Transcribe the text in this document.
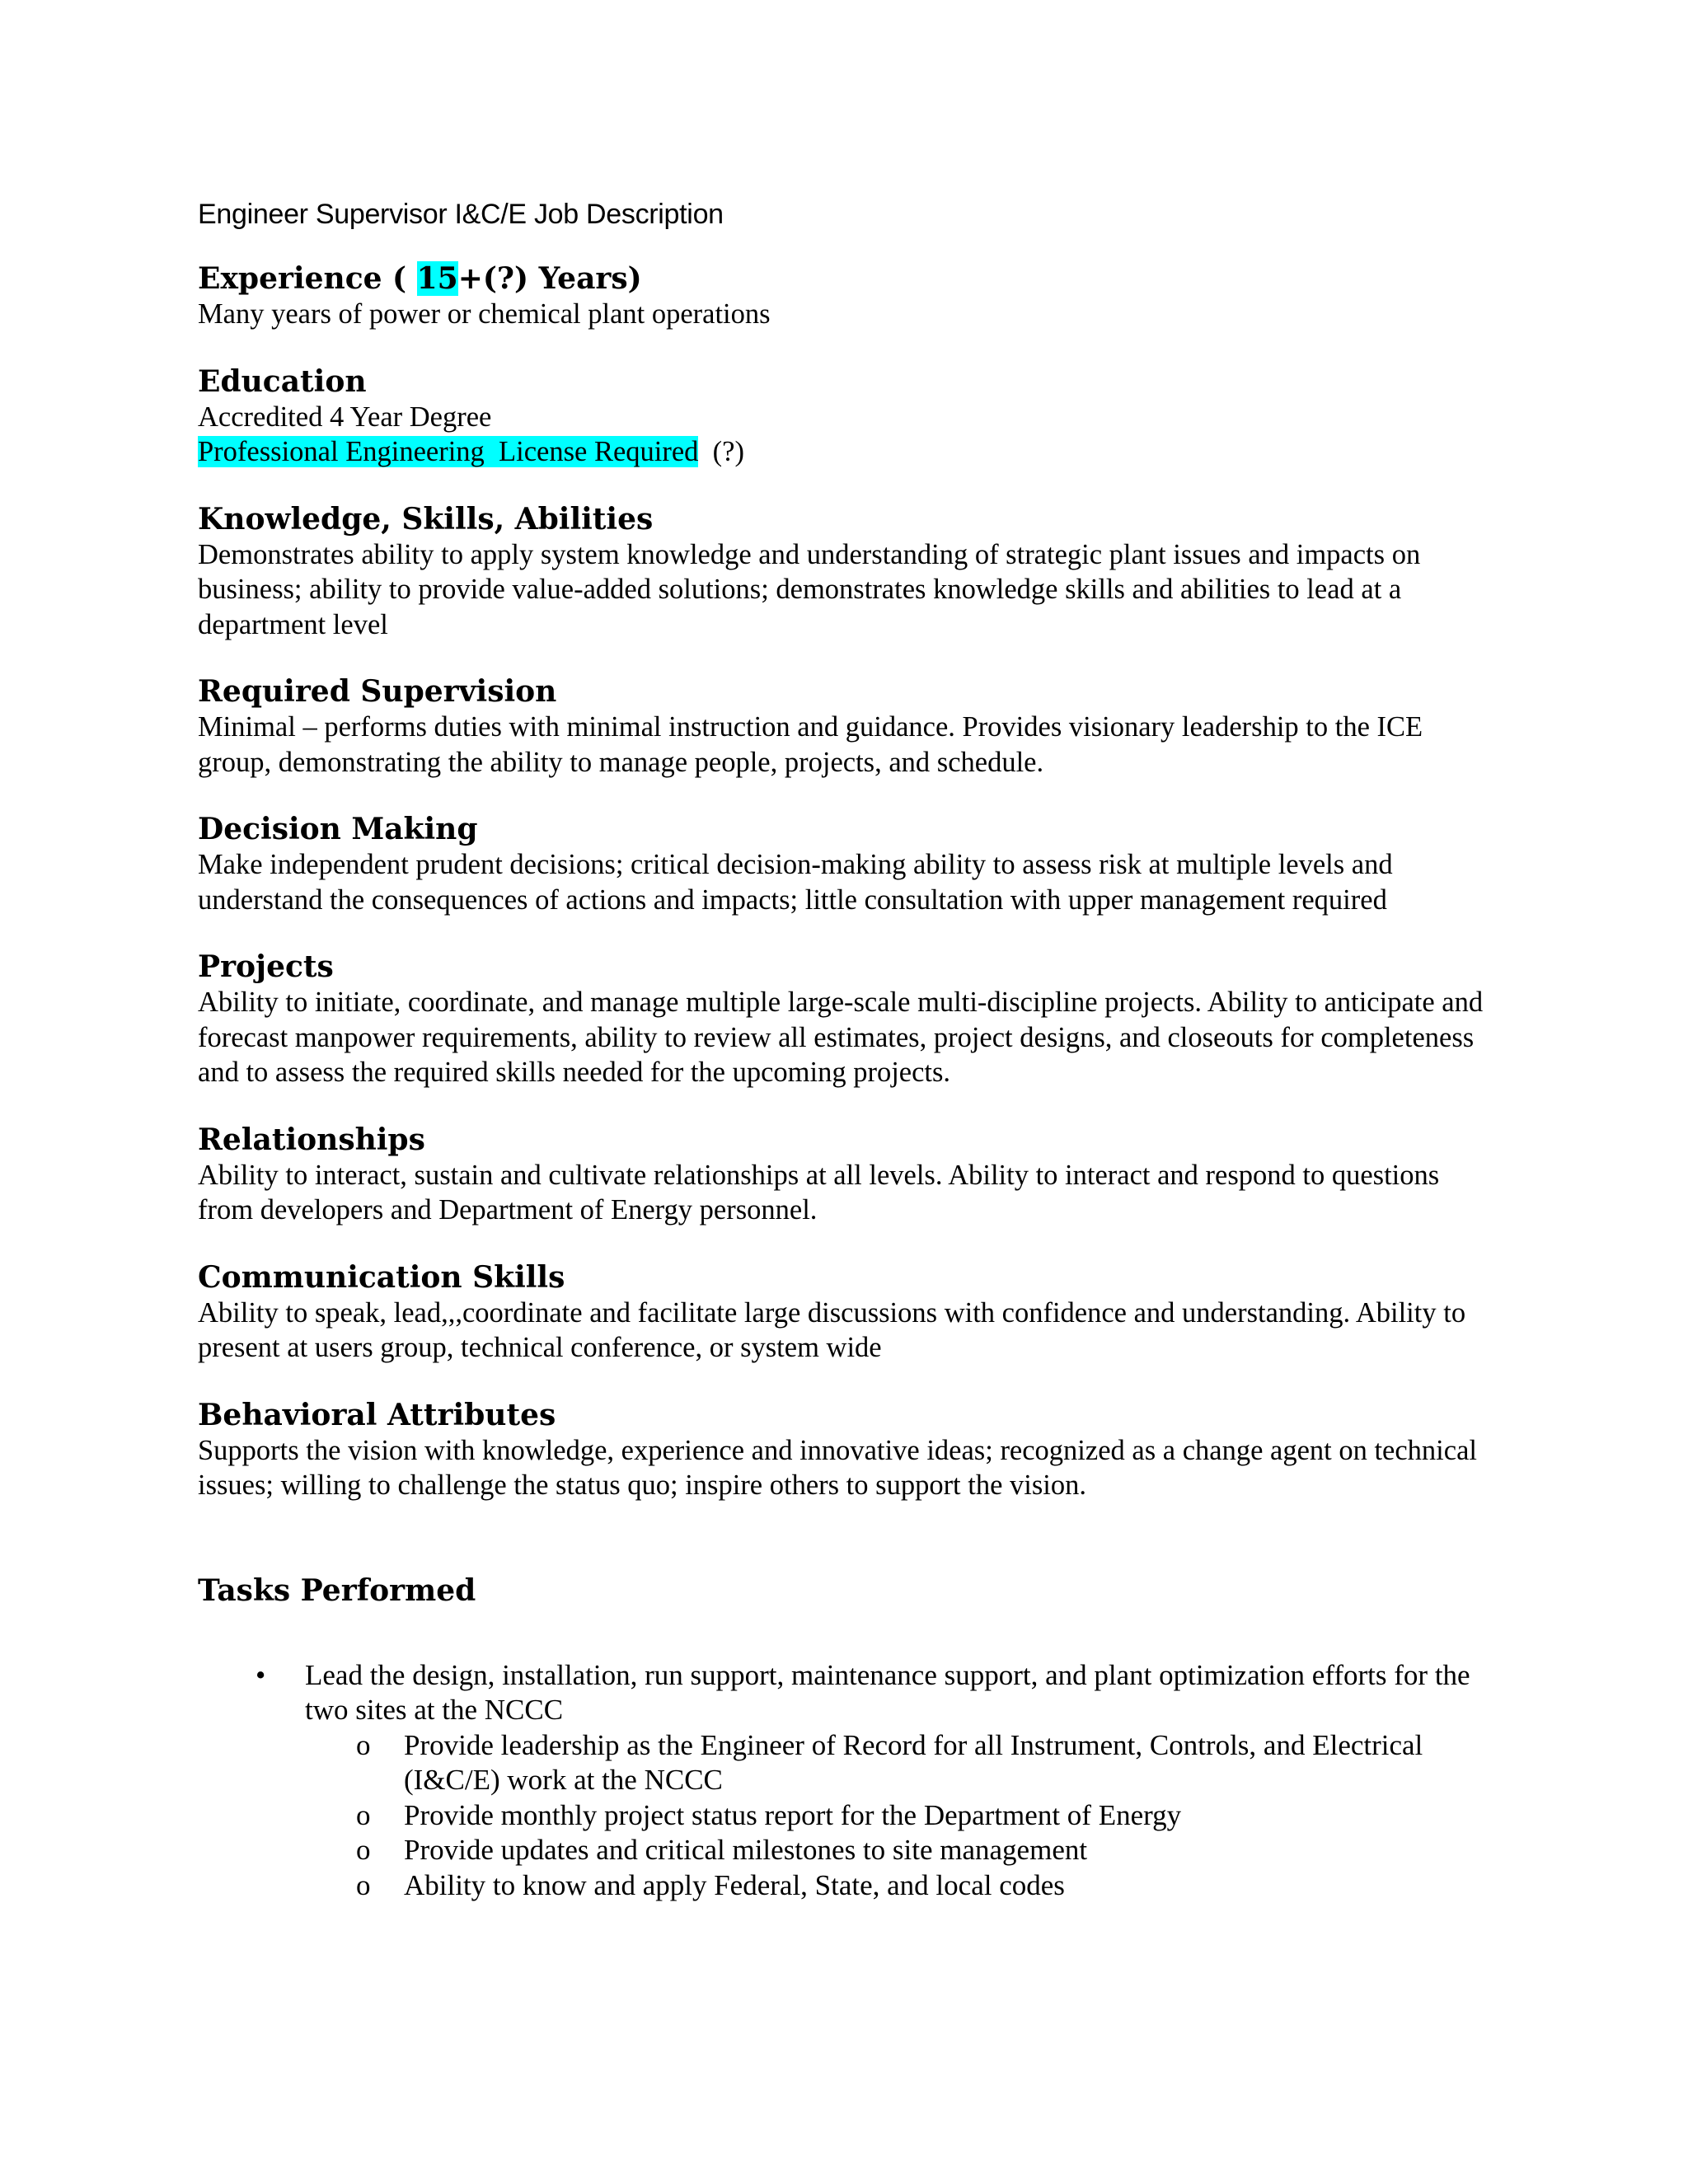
Engineer Supervisor I&C/E Job Description
Experience ( 15+(?) Years)
Many years of power or chemical plant operations
Education
Accredited 4 Year Degree
Professional Engineering  License Required  (?)
Knowledge, Skills, Abilities
Demonstrates ability to apply system knowledge and understanding of strategic plant issues and impacts on business; ability to provide value-added solutions; demonstrates knowledge skills and abilities to lead at a department level
Required Supervision
Minimal – performs duties with minimal instruction and guidance. Provides visionary leadership to the ICE group, demonstrating the ability to manage people, projects, and schedule.
Decision Making
Make independent prudent decisions; critical decision-making ability to assess risk at multiple levels and understand the consequences of actions and impacts; little consultation with upper management required
Projects
Ability to initiate, coordinate, and manage multiple large-scale multi-discipline projects. Ability to anticipate and forecast manpower requirements, ability to review all estimates, project designs, and closeouts for completeness and to assess the required skills needed for the upcoming projects.
Relationships
Ability to interact, sustain and cultivate relationships at all levels. Ability to interact and respond to questions from developers and Department of Energy personnel.
Communication Skills
Ability to speak, lead,,,coordinate and facilitate large discussions with confidence and understanding. Ability to present at users group, technical conference, or system wide
Behavioral Attributes
Supports the vision with knowledge, experience and innovative ideas; recognized as a change agent on technical issues; willing to challenge the status quo; inspire others to support the vision.
Tasks Performed
•	Lead the design, installation, run support, maintenance support, and plant optimization efforts for the two sites at the NCCC
o Provide leadership as the Engineer of Record for all Instrument, Controls, and Electrical (I&C/E) work at the NCCC
o Provide monthly project status report for the Department of Energy
o Provide updates and critical milestones to site management
o Ability to know and apply Federal, State, and local codes
